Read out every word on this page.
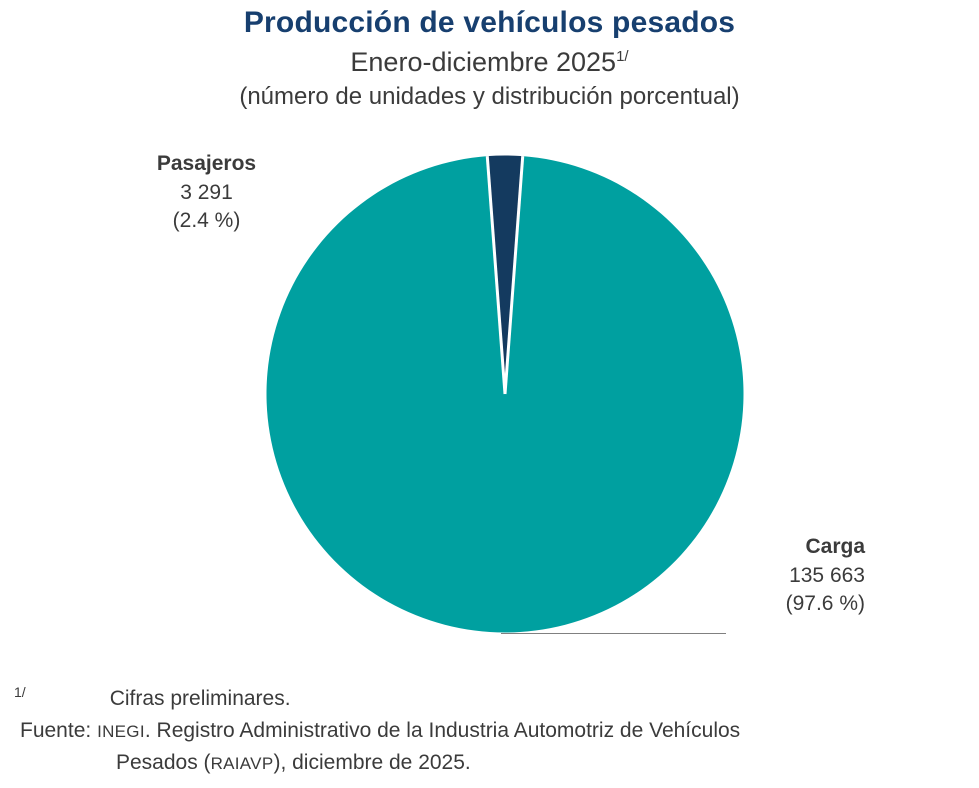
Producción de vehículos pesados
Enero-diciembre $2025^{1/}$
(número de unidades y distribución porcentual)
Pasajeros
3 291
(2.4 %)
Carga
135 663
(97.6 %)
$^{1/}$	Cifras preliminares.
Fuente: INEGI. Registro Administrativo de la Industria Automotriz de Vehículos
Pesados (RAIAVP), diciembre de 2025.
